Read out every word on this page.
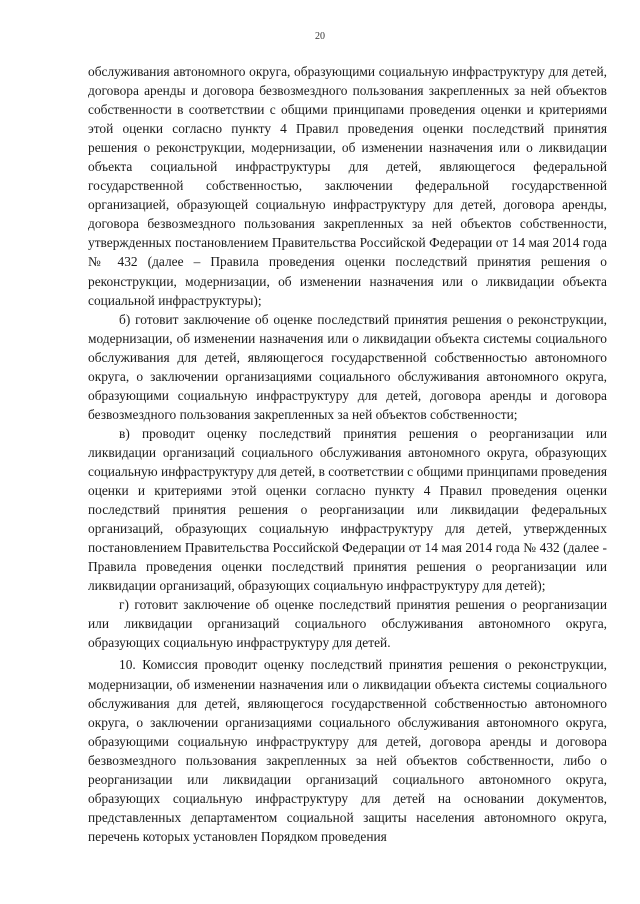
20

обслуживания автономного округа, образующими социальную инфраструктуру для детей, договора аренды и договора безвозмездного пользования закрепленных за ней объектов собственности в соответствии с общими принципами проведения оценки и критериями этой оценки согласно пункту 4 Правил проведения оценки последствий принятия решения о реконструкции, модернизации, об изменении назначения или о ликвидации объекта социальной инфраструктуры для детей, являющегося федеральной государственной собственностью, заключении федеральной государственной организацией, образующей социальную инфраструктуру для детей, договора аренды, договора безвозмездного пользования закрепленных за ней объектов собственности, утвержденных постановлением Правительства Российской Федерации от 14 мая 2014 года № 432 (далее – Правила проведения оценки последствий принятия решения о реконструкции, модернизации, об изменении назначения или о ликвидации объекта социальной инфраструктуры);

б) готовит заключение об оценке последствий принятия решения о реконструкции, модернизации, об изменении назначения или о ликвидации объекта системы социального обслуживания для детей, являющегося государственной собственностью автономного округа, о заключении организациями социального обслуживания автономного округа, образующими социальную инфраструктуру для детей, договора аренды и договора безвозмездного пользования закрепленных за ней объектов собственности;

в) проводит оценку последствий принятия решения о реорганизации или ликвидации организаций социального обслуживания автономного округа, образующих социальную инфраструктуру для детей, в соответствии с общими принципами проведения оценки и критериями этой оценки согласно пункту 4 Правил проведения оценки последствий принятия решения о реорганизации или ликвидации федеральных организаций, образующих социальную инфраструктуру для детей, утвержденных постановлением Правительства Российской Федерации от 14 мая 2014 года № 432 (далее - Правила проведения оценки последствий принятия решения о реорганизации или ликвидации организаций, образующих социальную инфраструктуру для детей);

г) готовит заключение об оценке последствий принятия решения о реорганизации или ликвидации организаций социального обслуживания автономного округа, образующих социальную инфраструктуру для детей.

10. Комиссия проводит оценку последствий принятия решения о реконструкции, модернизации, об изменении назначения или о ликвидации объекта системы социального обслуживания для детей, являющегося государственной собственностью автономного округа, о заключении организациями социального обслуживания автономного округа, образующими социальную инфраструктуру для детей, договора аренды и договора безвозмездного пользования закрепленных за ней объектов собственности, либо о реорганизации или ликвидации организаций социального автономного округа, образующих социальную инфраструктуру для детей на основании документов, представленных департаментом социальной защиты населения автономного округа, перечень которых установлен Порядком проведения
